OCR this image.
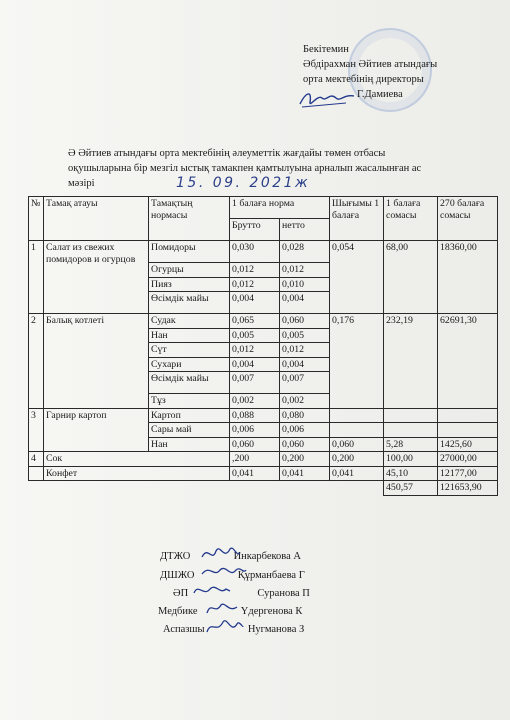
Бекітемин
Әбдірахман Әйтиев атындағы
орта мектебінің директоры
Г.Дамиева
Ә Әйтиев атындағы орта мектебінің әлеуметтік жағдайы төмен отбасы
оқушыларына бір мезгіл ыстық тамакпен қамтылуына арналып жасалынған ас
мәзірі	15. 09. 2021ж
№	Тамақ атауы	Тамақтың нормасы	1 балаға норма		Шығымы 1 балаға	1 балаға сомасы	270 балаға сомасы
			Брутто	нетто			
1	Салат из свежих помидоров и огурцов	Помидоры	0,030	0,028	0,054	68,00	18360,00
		Огурцы	0,012	0,012			
		Пияз	0,012	0,010			
		Өсімдік майы	0,004	0,004			
2	Балық котлеті	Судак	0,065	0,060	0,176	232,19	62691,30
		Нан	0,005	0,005			
		Сүт	0,012	0,012			
		Сухари	0,004	0,004			
		Өсімдік майы	0,007	0,007			
		Тұз	0,002	0,002			
3	Гарнир картоп	Картоп	0,088	0,080			
		Сары май	0,006	0,006			
		Нан	0,060	0,060	0,060	5,28	1425,60
4	Сок		,200	0,200	0,200	100,00	27000,00
	Конфет		0,041	0,041	0,041	45,10	12177,00
						450,57	121653,90
ДТЖО	Инкарбекова А
ДШЖО	Құрманбаева Г
ӘП	Суранова П
Медбике	Үдергенова К
Аспазшы	Нугманова З
